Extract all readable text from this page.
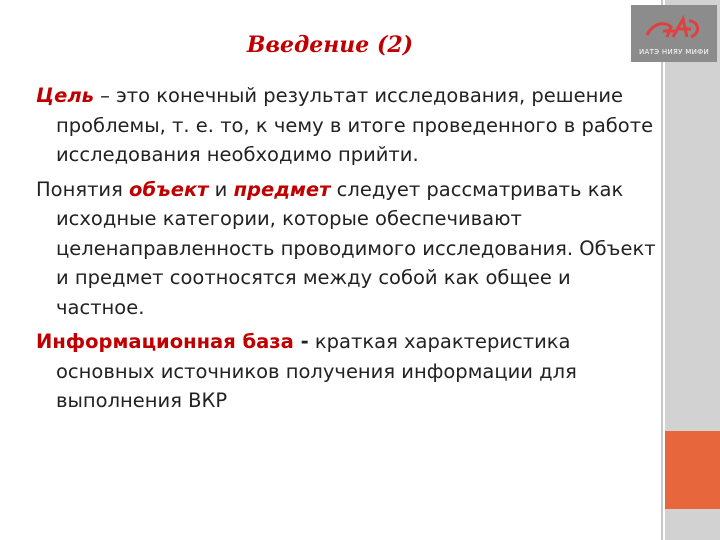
ИАТЭ НИЯУ МИФИ
Введение (2)

Цель – это конечный результат исследования, решение проблемы, т. е. то, к чему в итоге проведенного в работе исследования необходимо прийти.

Понятия объект и предмет следует рассматривать как исходные категории, которые обеспечивают целенаправленность проводимого исследования. Объект и предмет соотносятся между собой как общее и частное.

Информационная база - краткая характеристика основных источников получения информации для выполнения ВКР
